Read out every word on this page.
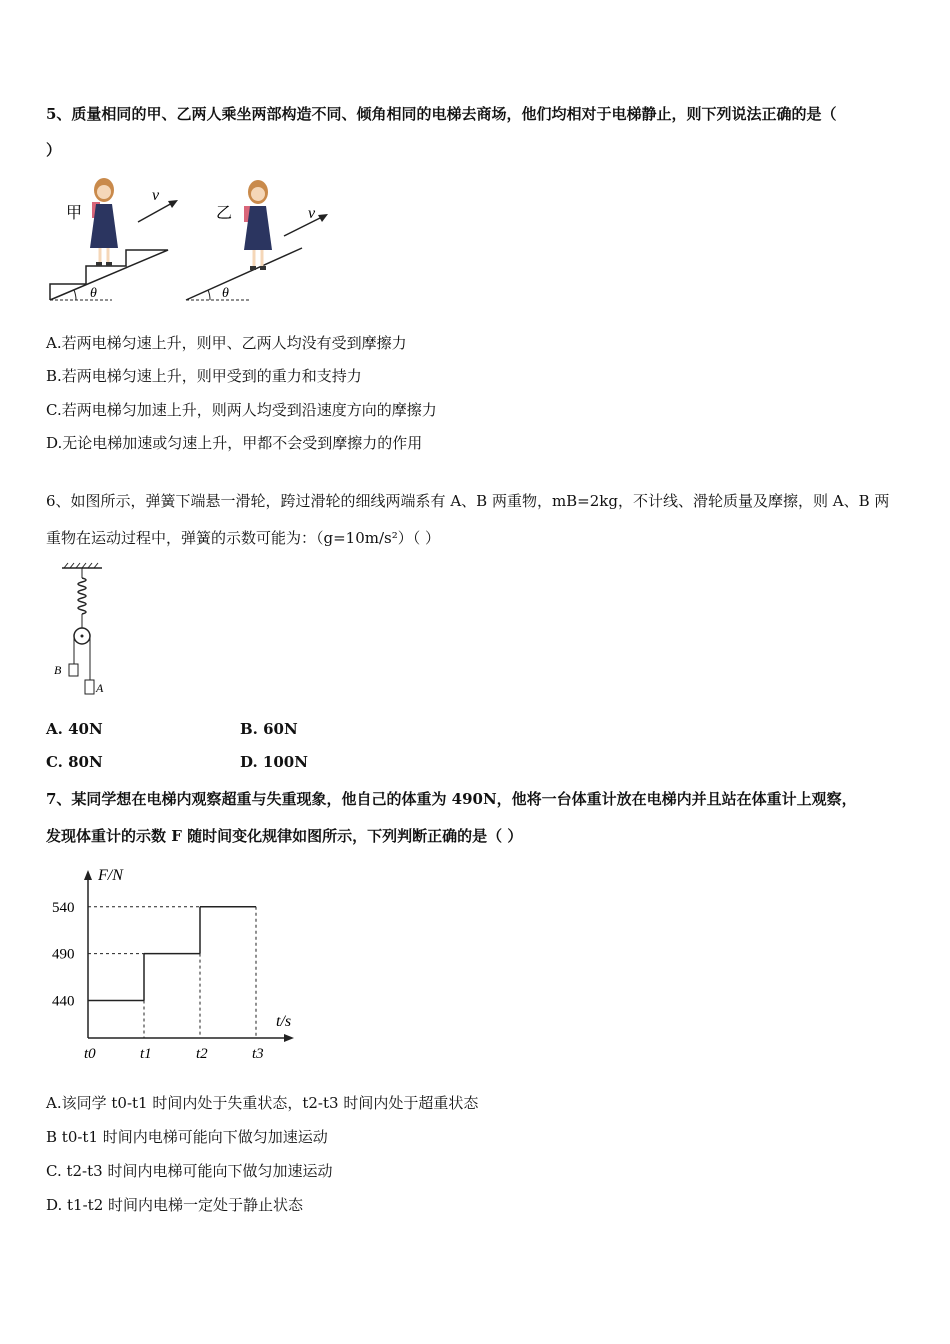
5、质量相同的甲、乙两人乘坐两部构造不同、倾角相同的电梯去商场，他们均相对于电梯静止，则下列说法正确的是（
）
甲
θ
v
乙
θ
v
A.若两电梯匀速上升，则甲、乙两人均没有受到摩擦力
B.若两电梯匀速上升，则甲受到的重力和支持力
C.若两电梯匀加速上升，则两人均受到沿速度方向的摩擦力
D.无论电梯加速或匀速上升，甲都不会受到摩擦力的作用
6、如图所示，弹簧下端悬一滑轮，跨过滑轮的细线两端系有 A、B 两重物，mB=2kg，不计线、滑轮质量及摩擦，则 A、B 两
重物在运动过程中，弹簧的示数可能为：（g=10m/s²）（ ）
B
A
A. 40N	B. 60N
C. 80N	D. 100N
7、某同学想在电梯内观察超重与失重现象，他自己的体重为 490N，他将一台体重计放在电梯内并且站在体重计上观察，
发现体重计的示数 F 随时间变化规律如图所示，下列判断正确的是（ ）
F/N
t/s
440
490
540
t0	t1	t2	t3
A.该同学 t0-t1 时间内处于失重状态，t2-t3 时间内处于超重状态
B t0-t1 时间内电梯可能向下做匀加速运动
C. t2-t3 时间内电梯可能向下做匀加速运动
D. t1-t2 时间内电梯一定处于静止状态
